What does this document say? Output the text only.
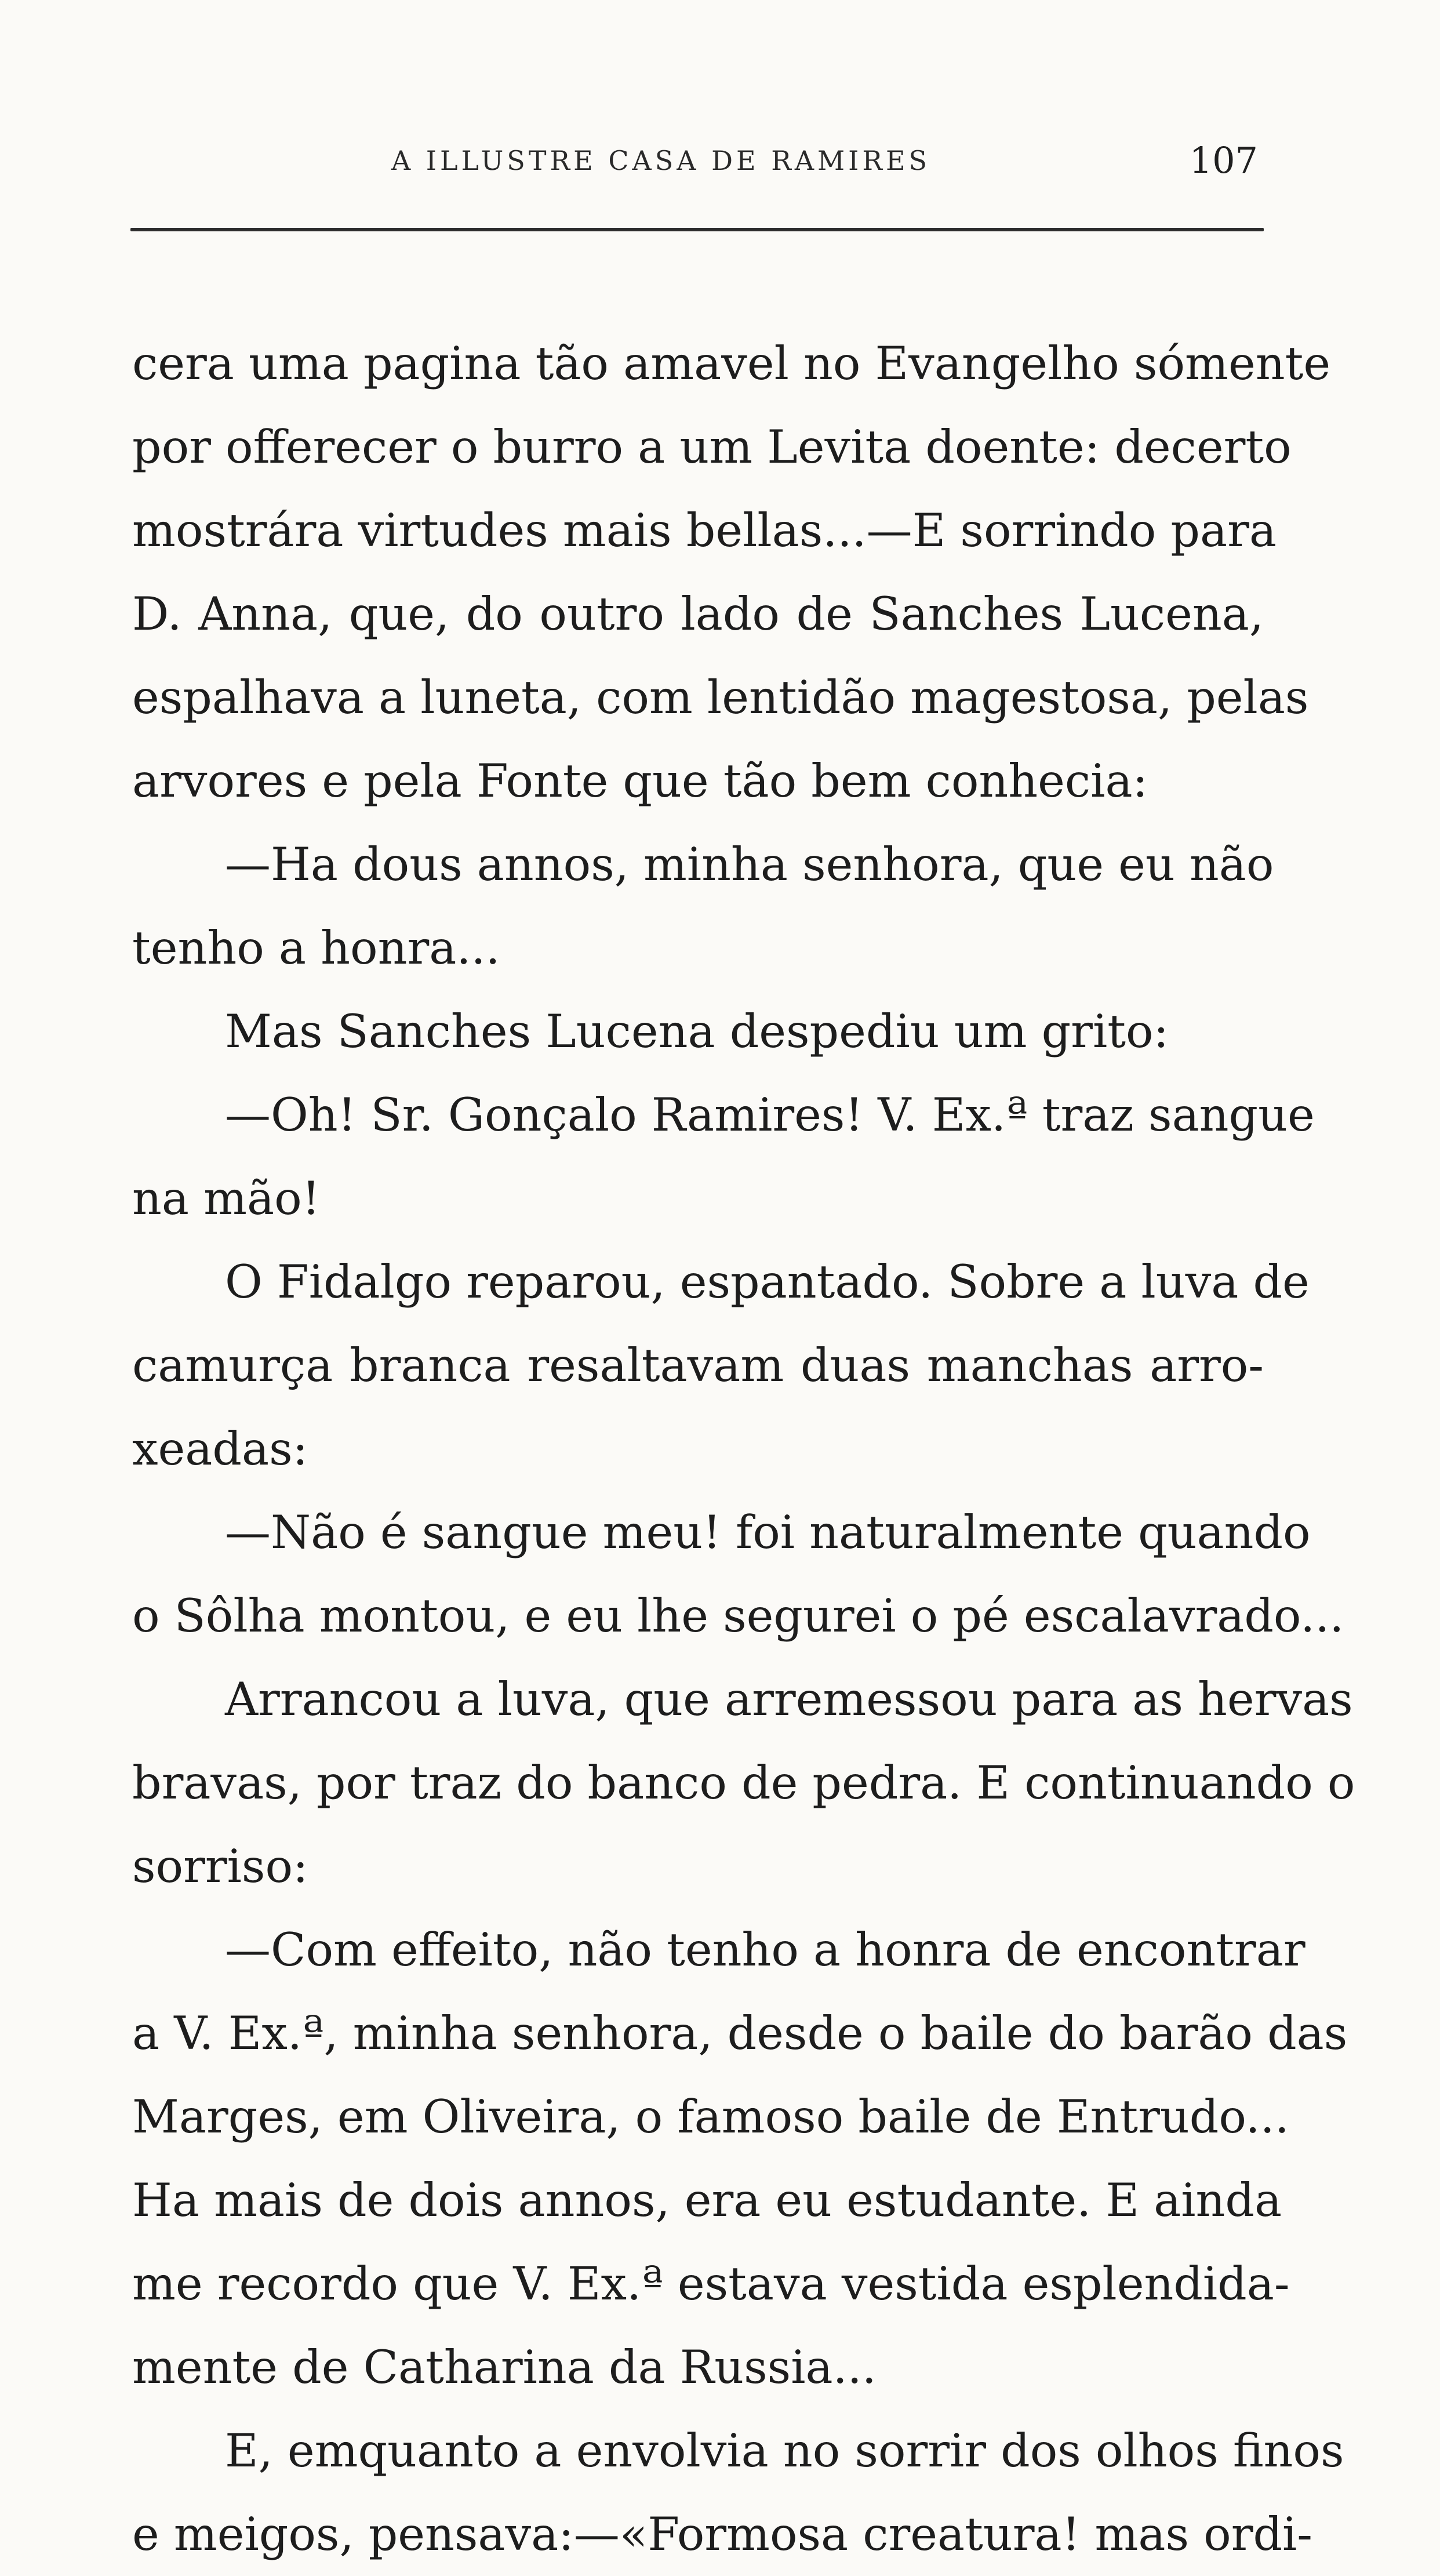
A ILLUSTRE CASA DE RAMIRES	107
cera uma pagina tão amavel no Evangelho sómente
por offerecer o burro a um Levita doente: decerto
mostrára virtudes mais bellas...—E sorrindo para
D. Anna, que, do outro lado de Sanches Lucena,
espalhava a luneta, com lentidão magestosa, pelas
arvores e pela Fonte que tão bem conhecia:
—Ha dous annos, minha senhora, que eu não
tenho a honra...
Mas Sanches Lucena despediu um grito:
—Oh! Sr. Gonçalo Ramires! V. Ex.ª traz sangue
na mão!
O Fidalgo reparou, espantado. Sobre a luva de
camurça branca resaltavam duas manchas arro-
xeadas:
—Não é sangue meu! foi naturalmente quando
o Sôlha montou, e eu lhe segurei o pé escalavrado...
Arrancou a luva, que arremessou para as hervas
bravas, por traz do banco de pedra. E continuando o
sorriso:
—Com effeito, não tenho a honra de encontrar
a V. Ex.ª, minha senhora, desde o baile do barão das
Marges, em Oliveira, o famoso baile de Entrudo...
Ha mais de dois annos, era eu estudante. E ainda
me recordo que V. Ex.ª estava vestida esplendida-
mente de Catharina da Russia...
E, emquanto a envolvia no sorrir dos olhos finos
e meigos, pensava:—«Formosa creatura! mas ordi-
